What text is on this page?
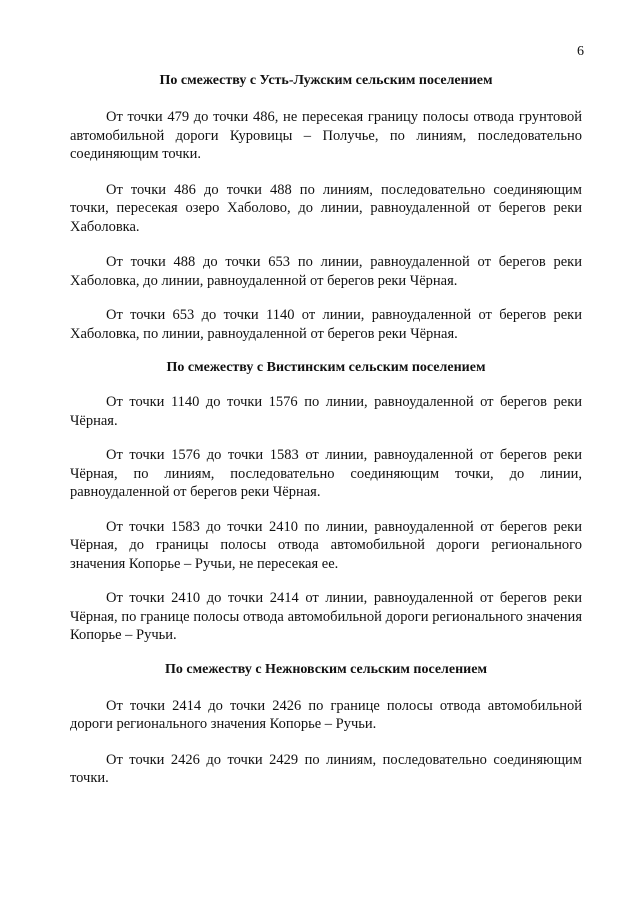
6

По смежеству с Усть-Лужским сельским поселением

От точки 479 до точки 486, не пересекая границу полосы отвода грунтовой автомобильной дороги Куровицы – Получье, по линиям, последовательно соединяющим точки.

От точки 486 до точки 488 по линиям, последовательно соединяющим точки, пересекая озеро Хаболово, до линии, равноудаленной от берегов реки Хаболовка.

От точки 488 до точки 653 по линии, равноудаленной от берегов реки Хаболовка, до линии, равноудаленной от берегов реки Чёрная.

От точки 653 до точки 1140 от линии, равноудаленной от берегов реки Хаболовка, по линии, равноудаленной от берегов реки Чёрная.

По смежеству с Вистинским сельским поселением

От точки 1140 до точки 1576 по линии, равноудаленной от берегов реки Чёрная.

От точки 1576 до точки 1583 от линии, равноудаленной от берегов реки Чёрная, по линиям, последовательно соединяющим точки, до линии, равноудаленной от берегов реки Чёрная.

От точки 1583 до точки 2410 по линии, равноудаленной от берегов реки Чёрная, до границы полосы отвода автомобильной дороги регионального значения Копорье – Ручьи, не пересекая ее.

От точки 2410 до точки 2414 от линии, равноудаленной от берегов реки Чёрная, по границе полосы отвода автомобильной дороги регионального значения Копорье – Ручьи.

По смежеству с Нежновским сельским поселением

От точки 2414 до точки 2426 по границе полосы отвода автомобильной дороги регионального значения Копорье – Ручьи.

От точки 2426 до точки 2429 по линиям, последовательно соединяющим точки.
